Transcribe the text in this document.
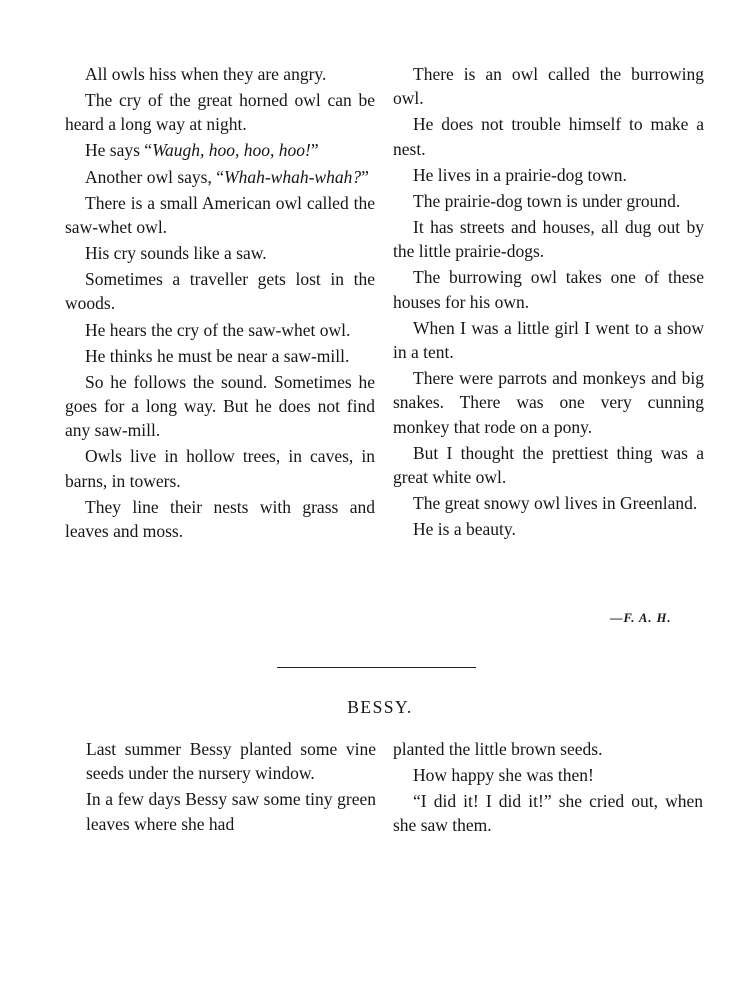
All owls hiss when they are angry.

The cry of the great horned owl can be heard a long way at night.

He says “Waugh, hoo, hoo, hoo!”

Another owl says, “Whah-whah-whah?”

There is a small American owl called the saw-whet owl.

His cry sounds like a saw.

Sometimes a traveller gets lost in the woods.

He hears the cry of the saw-whet owl.

He thinks he must be near a saw-mill.

So he follows the sound. Sometimes he goes for a long way. But he does not find any saw-mill.

Owls live in hollow trees, in caves, in barns, in towers.

They line their nests with grass and leaves and moss.

There is an owl called the burrowing owl.

He does not trouble himself to make a nest.

He lives in a prairie-dog town.

The prairie-dog town is under ground.

It has streets and houses, all dug out by the little prairie-dogs.

The burrowing owl takes one of these houses for his own.

When I was a little girl I went to a show in a tent.

There were parrots and monkeys and big snakes. There was one very cunning monkey that rode on a pony.

But I thought the prettiest thing was a great white owl.

The great snowy owl lives in Greenland.

He is a beauty.

—F. A. H.
BESSY.

Last summer Bessy planted some vine seeds under the nursery window.

In a few days Bessy saw some tiny green leaves where she had

planted the little brown seeds.

How happy she was then!

“I did it! I did it!” she cried out, when she saw them.
